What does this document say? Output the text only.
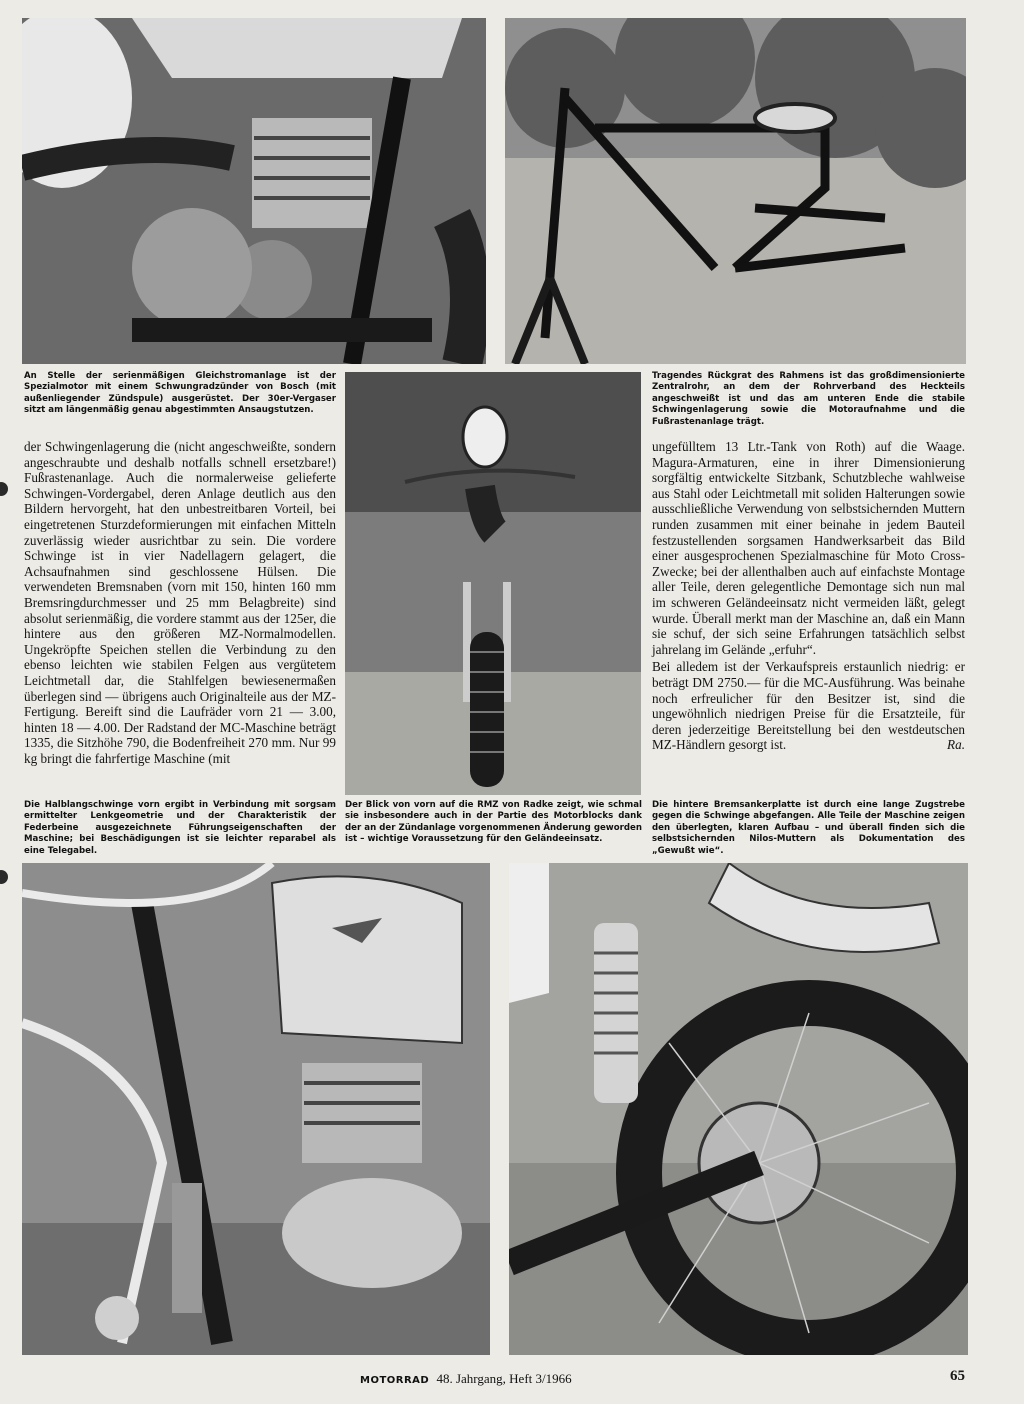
An Stelle der serienmäßigen Gleichstromanlage ist der Spezialmotor mit einem Schwungradzünder von Bosch (mit außenliegender Zündspule) ausgerüstet. Der 30er-Vergaser sitzt am längenmäßig genau abgestimmten Ansaugstutzen.
Tragendes Rückgrat des Rahmens ist das großdimensionierte Zentralrohr, an dem der Rohrverband des Heckteils angeschweißt ist und das am unteren Ende die stabile Schwingenlagerung sowie die Motoraufnahme und die Fußrastenanlage trägt.
Die Halblangschwinge vorn ergibt in Verbindung mit sorgsam ermittelter Lenkgeometrie und der Charakteristik der Federbeine ausgezeichnete Führungseigenschaften der Maschine; bei Beschädigungen ist sie leichter reparabel als eine Telegabel.
Der Blick von vorn auf die RMZ von Radke zeigt, wie schmal sie insbesondere auch in der Partie des Motorblocks dank der an der Zündanlage vorgenommenen Änderung geworden ist – wichtige Voraussetzung für den Geländeeinsatz.
Die hintere Bremsankerplatte ist durch eine lange Zugstrebe gegen die Schwinge abgefangen. Alle Teile der Maschine zeigen den überlegten, klaren Aufbau – und überall finden sich die selbstsichernden Nilos-Muttern als Dokumentation des „Gewußt wie“.

der Schwingenlagerung die (nicht angeschweißte, sondern angeschraubte und deshalb notfalls schnell ersetzbare!) Fußrastenanlage. Auch die normalerweise gelieferte Schwingen-Vordergabel, deren Anlage deutlich aus den Bildern hervorgeht, hat den unbestreitbaren Vorteil, bei eingetretenen Sturzdeformierungen mit einfachen Mitteln zuverlässig wieder ausrichtbar zu sein. Die vordere Schwinge ist in vier Nadellagern gelagert, die Achsaufnahmen sind geschlossene Hülsen. Die verwendeten Bremsnaben (vorn mit 150, hinten 160 mm Bremsringdurchmesser und 25 mm Belagbreite) sind absolut serienmäßig, die vordere stammt aus der 125er, die hintere aus den größeren MZ-Normalmodellen. Ungekröpfte Speichen stellen die Verbindung zu den ebenso leichten wie stabilen Felgen aus vergütetem Leichtmetall dar, die Stahlfelgen bewiesenermaßen überlegen sind — übrigens auch Originalteile aus der MZ-Fertigung. Bereift sind die Laufräder vorn 21 — 3.00, hinten 18 — 4.00. Der Radstand der MC-Maschine beträgt 1335, die Sitzhöhe 790, die Bodenfreiheit 270 mm. Nur 99 kg bringt die fahrfertige Maschine (mit

ungefülltem 13 Ltr.-Tank von Roth) auf die Waage. Magura-Armaturen, eine in ihrer Dimensionierung sorgfältig entwickelte Sitzbank, Schutzbleche wahlweise aus Stahl oder Leichtmetall mit soliden Halterungen sowie ausschließliche Verwendung von selbstsichernden Muttern runden zusammen mit einer beinahe in jedem Bauteil festzustellenden sorgsamen Handwerksarbeit das Bild einer ausgesprochenen Spezialmaschine für Moto Cross-Zwecke; bei der allenthalben auch auf einfachste Montage aller Teile, deren gelegentliche Demontage sich nun mal im schweren Geländeeinsatz nicht vermeiden läßt, gelegt wurde. Überall merkt man der Maschine an, daß ein Mann sie schuf, der sich seine Erfahrungen tatsächlich selbst jahrelang im Gelände „erfuhr“.

Bei alledem ist der Verkaufspreis erstaunlich niedrig: er beträgt DM 2750.— für die MC-Ausführung. Was beinahe noch erfreulicher für den Besitzer ist, sind die ungewöhnlich niedrigen Preise für die Ersatzteile, für deren jederzeitige Bereitstellung bei den westdeutschen MZ-Händlern gesorgt ist.	Ra.

MOTORRAD 48. Jahrgang, Heft 3/1966	65
